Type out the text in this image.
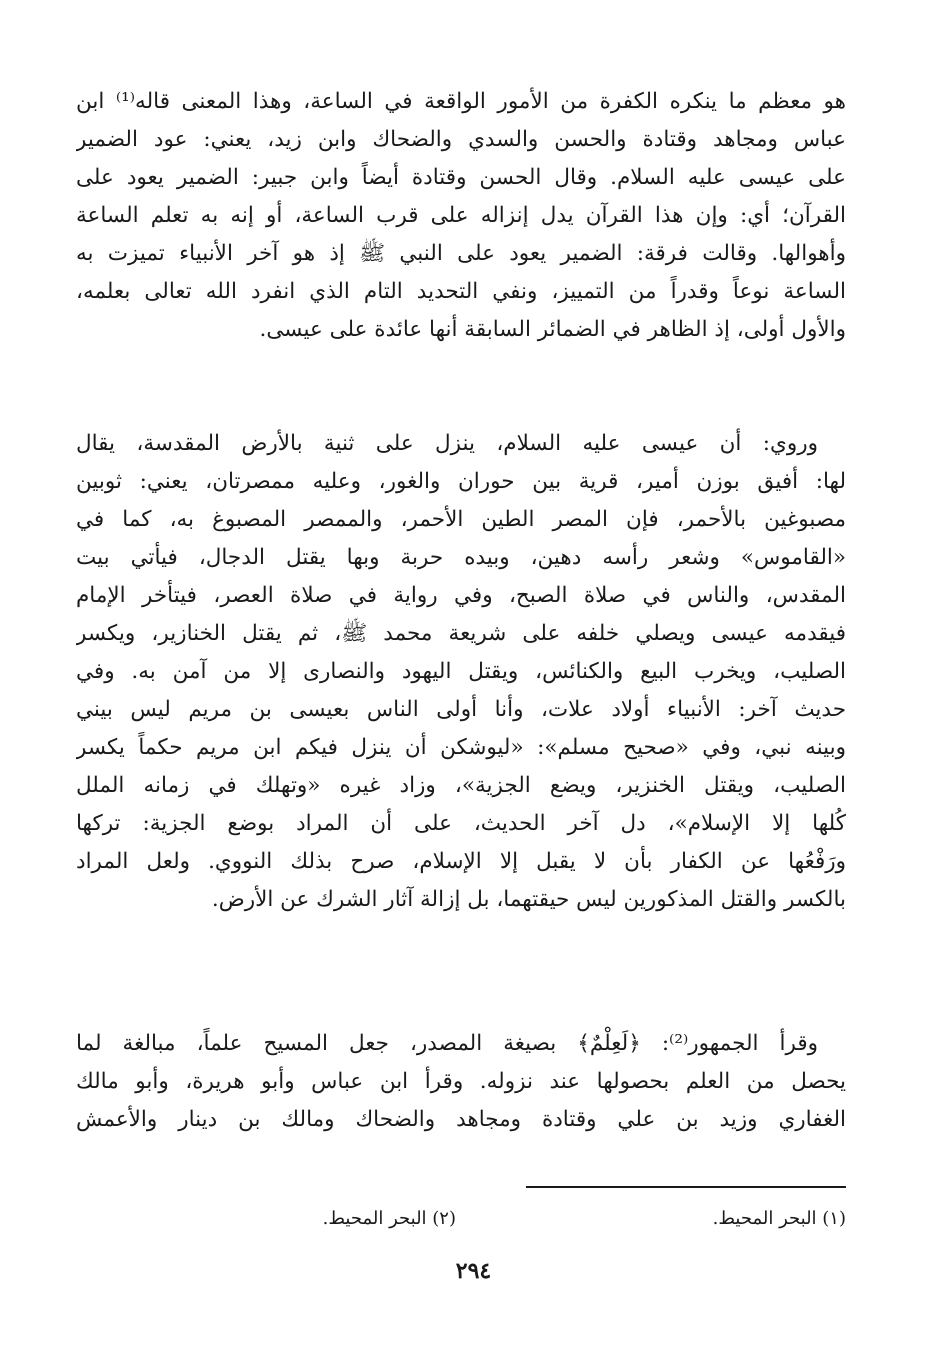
هو معظم ما ينكره الكفرة من الأمور الواقعة في الساعة، وهذا المعنى قاله⁽¹⁾ ابن
عباس ومجاهد وقتادة والحسن والسدي والضحاك وابن زيد، يعني: عود الضمير
على عيسى عليه السلام. وقال الحسن وقتادة أيضاً وابن جبير: الضمير يعود على
القرآن؛ أي: وإن هذا القرآن يدل إنزاله على قرب الساعة، أو إنه به تعلم الساعة
وأهوالها. وقالت فرقة: الضمير يعود على النبي ﷺ إذ هو آخر الأنبياء تميزت به
الساعة نوعاً وقدراً من التمييز، ونفي التحديد التام الذي انفرد الله تعالى بعلمه،
والأول أولى، إذ الظاهر في الضمائر السابقة أنها عائدة على عيسى.
وروي: أن عيسى عليه السلام، ينزل على ثنية بالأرض المقدسة، يقال
لها: أفيق بوزن أمير، قرية بين حوران والغور، وعليه ممصرتان، يعني: ثوبين
مصبوغين بالأحمر، فإن المصر الطين الأحمر، والممصر المصبوغ به، كما في
«القاموس» وشعر رأسه دهين، وبيده حربة وبها يقتل الدجال، فيأتي بيت
المقدس، والناس في صلاة الصبح، وفي رواية في صلاة العصر، فيتأخر الإمام
فيقدمه عيسى ويصلي خلفه على شريعة محمد ﷺ، ثم يقتل الخنازير، ويكسر
الصليب، ويخرب البيع والكنائس، ويقتل اليهود والنصارى إلا من آمن به. وفي
حديث آخر: الأنبياء أولاد علات، وأنا أولى الناس بعيسى بن مريم ليس بيني
وبينه نبي، وفي «صحيح مسلم»: «ليوشكن أن ينزل فيكم ابن مريم حكماً يكسر
الصليب، ويقتل الخنزير، ويضع الجزية»، وزاد غيره «وتهلك في زمانه الملل
كُلها إلا الإسلام»، دل آخر الحديث، على أن المراد بوضع الجزية: تركها
ورَفْعُها عن الكفار بأن لا يقبل إلا الإسلام، صرح بذلك النووي. ولعل المراد
بالكسر والقتل المذكورين ليس حيقتهما، بل إزالة آثار الشرك عن الأرض.
وقرأ الجمهور⁽²⁾: ﴿لَعِلْمٌ﴾ بصيغة المصدر، جعل المسيح علماً، مبالغة لما
يحصل من العلم بحصولها عند نزوله. وقرأ ابن عباس وأبو هريرة، وأبو مالك
الغفاري وزيد بن علي وقتادة ومجاهد والضحاك ومالك بن دينار والأعمش
(١) البحر المحيط.
(٢) البحر المحيط.
٢٩٤
